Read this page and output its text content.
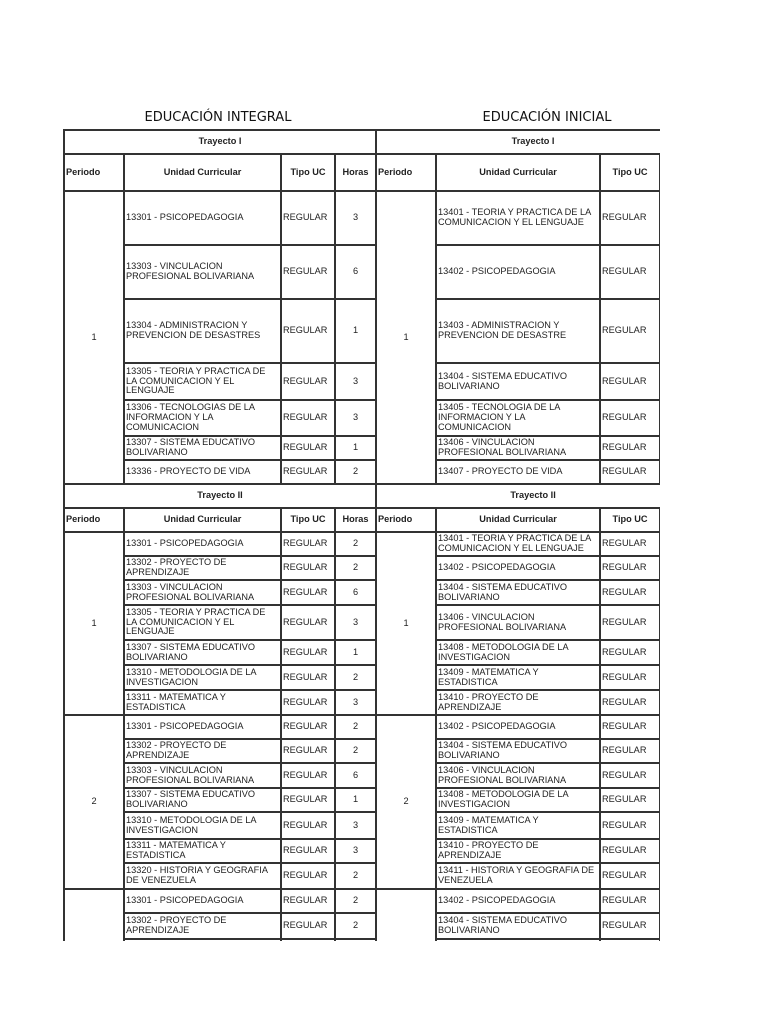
EDUCACIÓN INTEGRAL	EDUCACIÓN INICIAL
Trayecto I				Trayecto I			
Periodo	Unidad Curricular	Tipo UC	Horas	Periodo	Unidad Curricular	Tipo UC	
1	13301 - PSICOPEDAGOGIA	REGULAR	3	1	13401 - TEORIA Y PRACTICA DE LA COMUNICACION Y EL LENGUAJE	REGULAR	
	13303 - VINCULACION PROFESIONAL BOLIVARIANA	REGULAR	6		13402 - PSICOPEDAGOGIA	REGULAR	
	13304 - ADMINISTRACION Y PREVENCION DE DESASTRES	REGULAR	1		13403 - ADMINISTRACION Y PREVENCION DE DESASTRE	REGULAR	
	13305 - TEORIA Y PRACTICA DE LA COMUNICACION Y EL LENGUAJE	REGULAR	3		13404 - SISTEMA EDUCATIVO BOLIVARIANO	REGULAR	
	13306 - TECNOLOGIAS DE LA INFORMACION Y LA COMUNICACION	REGULAR	3		13405 - TECNOLOGIA DE LA INFORMACION Y LA COMUNICACION	REGULAR	
	13307 - SISTEMA EDUCATIVO BOLIVARIANO	REGULAR	1		13406 - VINCULACION PROFESIONAL BOLIVARIANA	REGULAR	
	13336 - PROYECTO DE VIDA	REGULAR	2		13407 - PROYECTO DE VIDA	REGULAR	
Trayecto II				Trayecto II			
Periodo	Unidad Curricular	Tipo UC	Horas	Periodo	Unidad Curricular	Tipo UC	
1	13301 - PSICOPEDAGOGIA	REGULAR	2	1	13401 - TEORIA Y PRACTICA DE LA COMUNICACION Y EL LENGUAJE	REGULAR	
	13302 - PROYECTO DE APRENDIZAJE	REGULAR	2		13402 - PSICOPEDAGOGIA	REGULAR	
	13303 - VINCULACION PROFESIONAL BOLIVARIANA	REGULAR	6		13404 - SISTEMA EDUCATIVO BOLIVARIANO	REGULAR	
	13305 - TEORIA Y PRACTICA DE LA COMUNICACION Y EL LENGUAJE	REGULAR	3		13406 - VINCULACION PROFESIONAL BOLIVARIANA	REGULAR	
	13307 - SISTEMA EDUCATIVO BOLIVARIANO	REGULAR	1		13408 - METODOLOGIA DE LA INVESTIGACION	REGULAR	
	13310 - METODOLOGIA DE LA INVESTIGACION	REGULAR	2		13409 - MATEMATICA Y ESTADISTICA	REGULAR	
	13311 - MATEMATICA Y ESTADISTICA	REGULAR	3		13410 - PROYECTO DE APRENDIZAJE	REGULAR	
2	13301 - PSICOPEDAGOGIA	REGULAR	2	2	13402 - PSICOPEDAGOGIA	REGULAR	
	13302 - PROYECTO DE APRENDIZAJE	REGULAR	2		13404 - SISTEMA EDUCATIVO BOLIVARIANO	REGULAR	
	13303 - VINCULACION PROFESIONAL BOLIVARIANA	REGULAR	6		13406 - VINCULACION PROFESIONAL BOLIVARIANA	REGULAR	
	13307 - SISTEMA EDUCATIVO BOLIVARIANO	REGULAR	1		13408 - METODOLOGIA DE LA INVESTIGACION	REGULAR	
	13310 - METODOLOGIA DE LA INVESTIGACION	REGULAR	3		13409 - MATEMATICA Y ESTADISTICA	REGULAR	
	13311 - MATEMATICA Y ESTADISTICA	REGULAR	3		13410 - PROYECTO DE APRENDIZAJE	REGULAR	
	13320 - HISTORIA Y GEOGRAFIA DE VENEZUELA	REGULAR	2		13411 - HISTORIA Y GEOGRAFIA DE VENEZUELA	REGULAR	
	13301 - PSICOPEDAGOGIA	REGULAR	2		13402 - PSICOPEDAGOGIA	REGULAR	
	13302 - PROYECTO DE APRENDIZAJE	REGULAR	2		13404 - SISTEMA EDUCATIVO BOLIVARIANO	REGULAR	
